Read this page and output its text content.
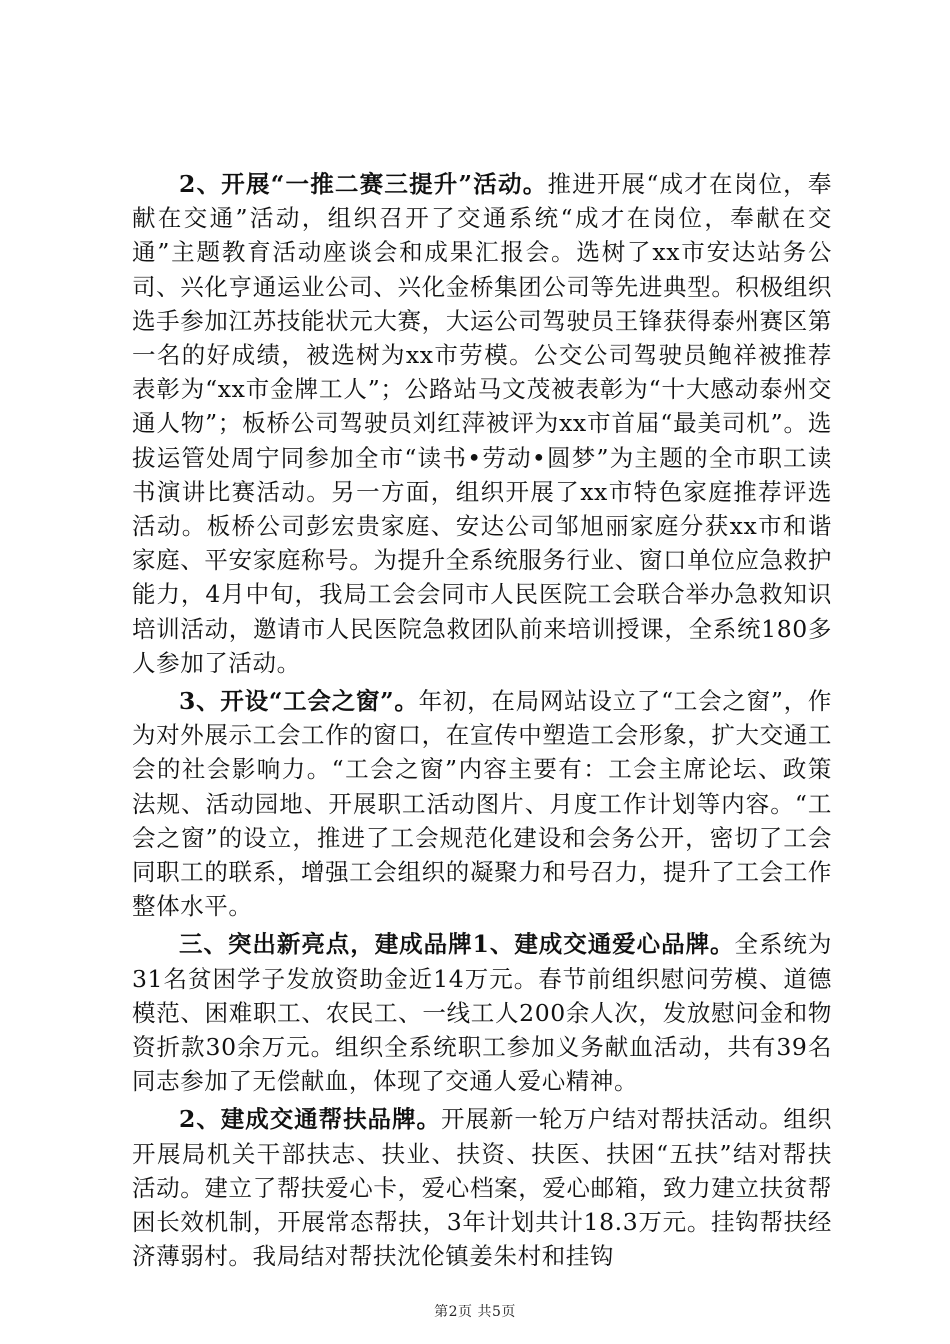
2、开展“一推二赛三提升”活动。推进开展“成才在岗位，奉献在交通”活动，组织召开了交通系统“成才在岗位，奉献在交通”主题教育活动座谈会和成果汇报会。选树了xx市安达站务公司、兴化亨通运业公司、兴化金桥集团公司等先进典型。积极组织选手参加江苏技能状元大赛，大运公司驾驶员王锋获得泰州赛区第一名的好成绩，被选树为xx市劳模。公交公司驾驶员鲍祥被推荐表彰为“xx市金牌工人”；公路站马文茂被表彰为“十大感动泰州交通人物”；板桥公司驾驶员刘红萍被评为xx市首届“最美司机”。选拔运管处周宁同参加全市“读书•劳动•圆梦”为主题的全市职工读书演讲比赛活动。另一方面，组织开展了xx市特色家庭推荐评选活动。板桥公司彭宏贵家庭、安达公司邹旭丽家庭分获xx市和谐家庭、平安家庭称号。为提升全系统服务行业、窗口单位应急救护能力，4月中旬，我局工会会同市人民医院工会联合举办急救知识培训活动，邀请市人民医院急救团队前来培训授课，全系统180多人参加了活动。

3、开设“工会之窗”。年初，在局网站设立了“工会之窗”，作为对外展示工会工作的窗口，在宣传中塑造工会形象，扩大交通工会的社会影响力。“工会之窗”内容主要有：工会主席论坛、政策法规、活动园地、开展职工活动图片、月度工作计划等内容。“工会之窗”的设立，推进了工会规范化建设和会务公开，密切了工会同职工的联系，增强工会组织的凝聚力和号召力，提升了工会工作整体水平。

三、突出新亮点，建成品牌1、建成交通爱心品牌。全系统为31名贫困学子发放资助金近14万元。春节前组织慰问劳模、道德模范、困难职工、农民工、一线工人200余人次，发放慰问金和物资折款30余万元。组织全系统职工参加义务献血活动，共有39名同志参加了无偿献血，体现了交通人爱心精神。

2、建成交通帮扶品牌。开展新一轮万户结对帮扶活动。组织开展局机关干部扶志、扶业、扶资、扶医、扶困“五扶”结对帮扶活动。建立了帮扶爱心卡，爱心档案，爱心邮箱，致力建立扶贫帮困长效机制，开展常态帮扶，3年计划共计18.3万元。挂钩帮扶经济薄弱村。我局结对帮扶沈伦镇姜朱村和挂钩

第2页 共5页
